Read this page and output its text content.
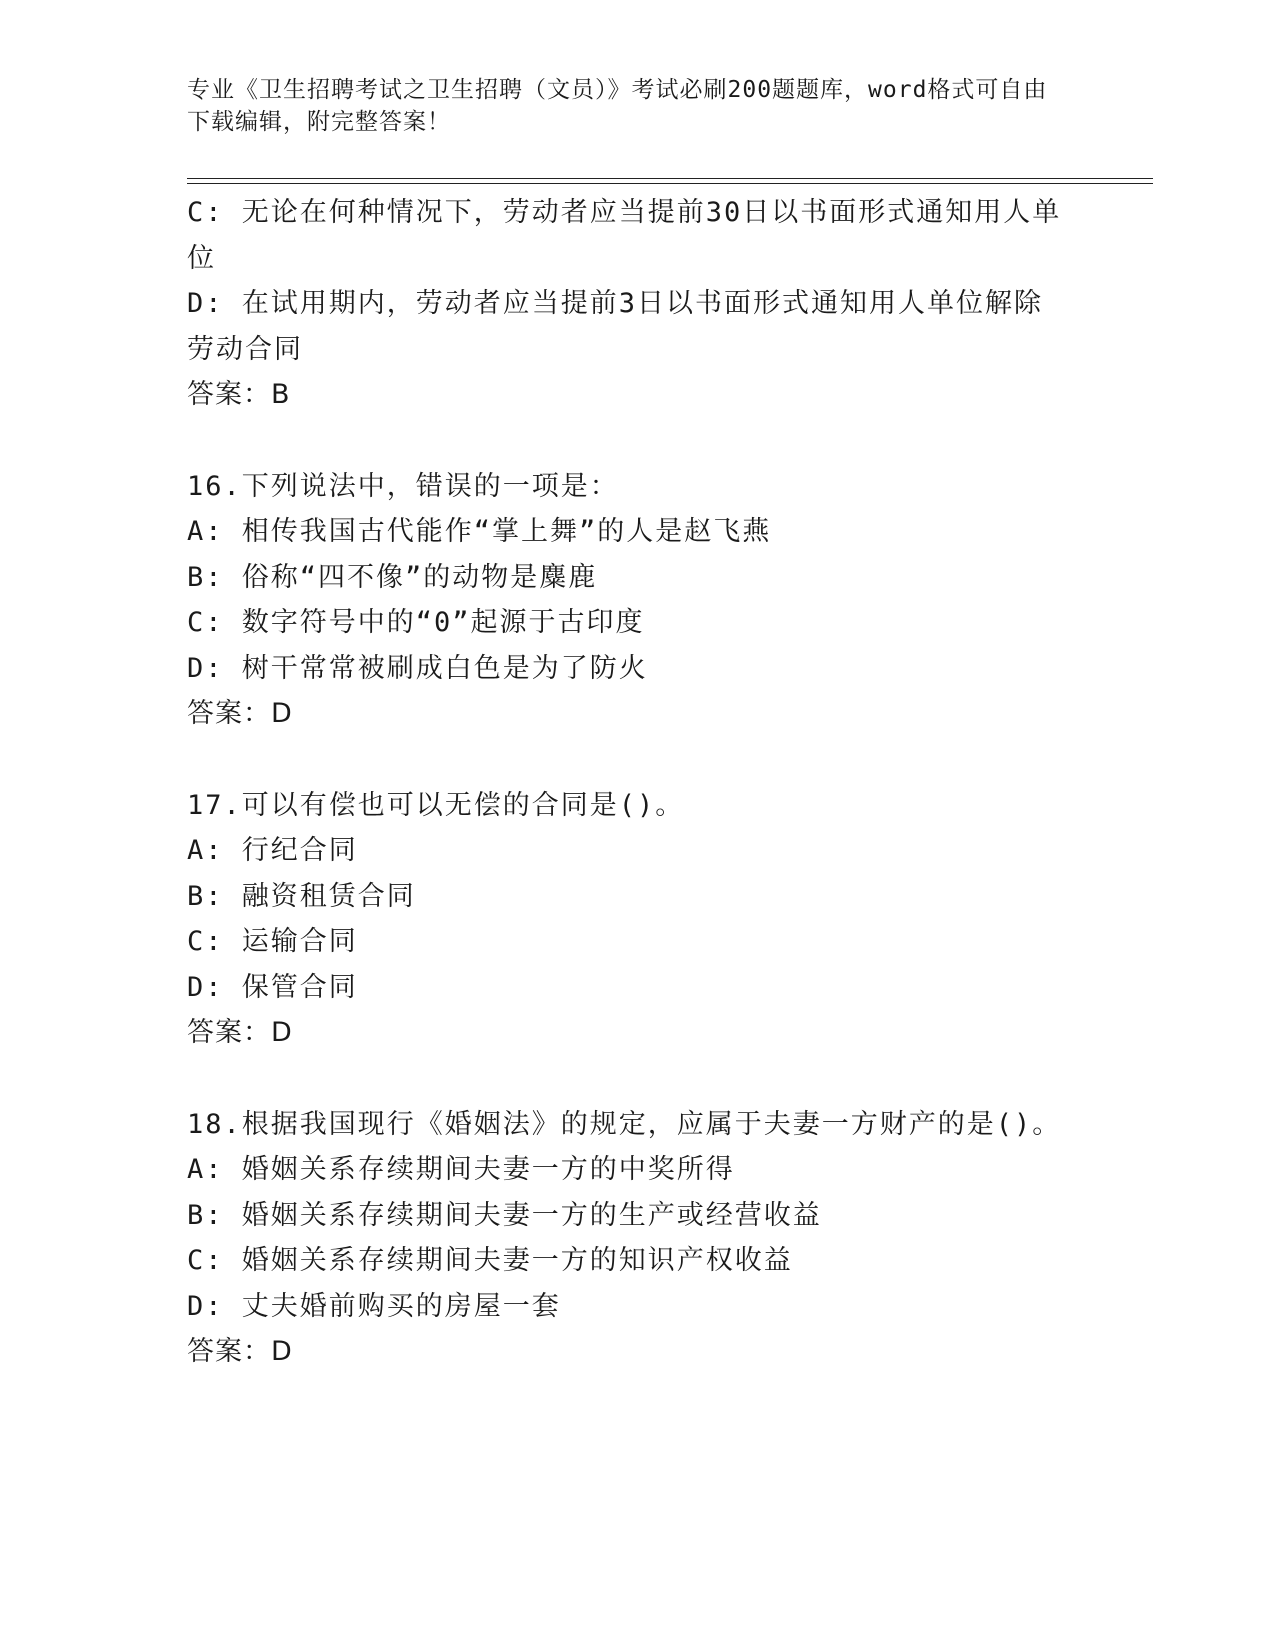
专业《卫生招聘考试之卫生招聘（文员）》考试必刷200题题库，word格式可自由下载编辑，附完整答案！

C: 无论在何种情况下，劳动者应当提前30日以书面形式通知用人单位

D: 在试用期内，劳动者应当提前3日以书面形式通知用人单位解除劳动合同

答案：B

16.下列说法中，错误的一项是：

A: 相传我国古代能作“掌上舞”的人是赵飞燕

B: 俗称“四不像”的动物是麋鹿

C: 数字符号中的“0”起源于古印度

D: 树干常常被刷成白色是为了防火

答案：D

17.可以有偿也可以无偿的合同是()。

A: 行纪合同

B: 融资租赁合同

C: 运输合同

D: 保管合同

答案：D

18.根据我国现行《婚姻法》的规定，应属于夫妻一方财产的是()。

A: 婚姻关系存续期间夫妻一方的中奖所得

B: 婚姻关系存续期间夫妻一方的生产或经营收益

C: 婚姻关系存续期间夫妻一方的知识产权收益

D: 丈夫婚前购买的房屋一套

答案：D
